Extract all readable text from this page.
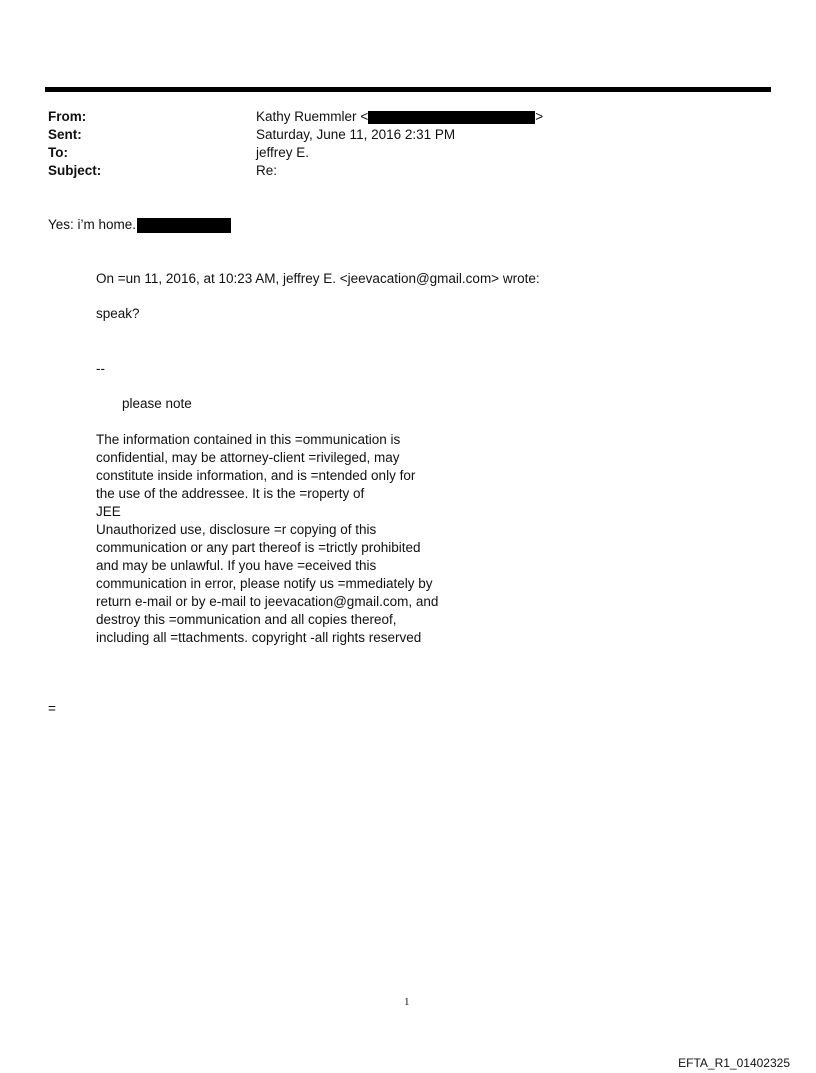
From:	Kathy Ruemmler <	>
Sent:	Saturday, June 11, 2016 2:31 PM
To:	jeffrey E.
Subject:	Re:
Yes: i’m home.
On =un 11, 2016, at 10:23 AM, jeffrey E. <jeevacation@gmail.com> wrote:
speak?
--
please note
The information contained in this =ommunication is
confidential, may be attorney-client =rivileged, may
constitute inside information, and is =ntended only for
the use of the addressee. It is the =roperty of
JEE
Unauthorized use, disclosure =r copying of this
communication or any part thereof is =trictly prohibited
and may be unlawful. If you have =eceived this
communication in error, please notify us =mmediately by
return e-mail or by e-mail to jeevacation@gmail.com, and
destroy this =ommunication and all copies thereof,
including all =ttachments. copyright -all rights reserved
=
1
EFTA_R1_01402325
